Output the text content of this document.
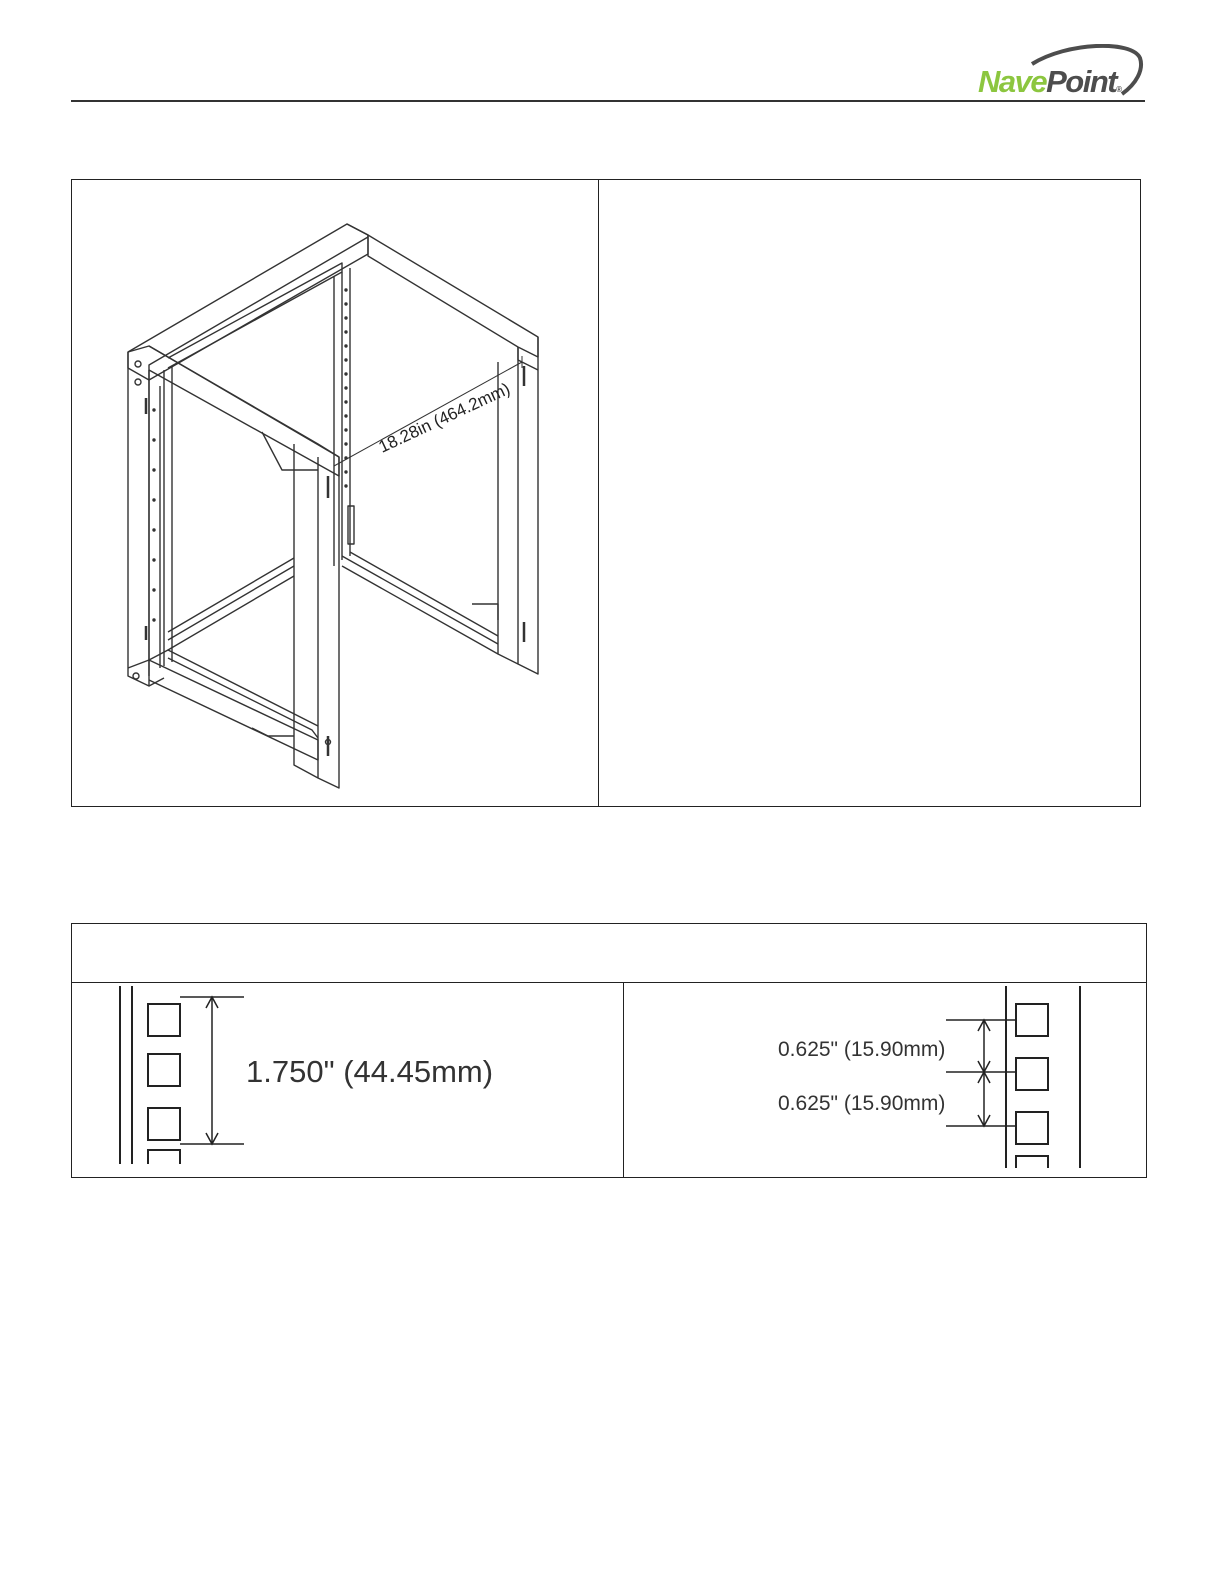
NavePoint®
18.28in (464.2mm)
1.750" (44.45mm)
0.625" (15.90mm)
0.625" (15.90mm)
